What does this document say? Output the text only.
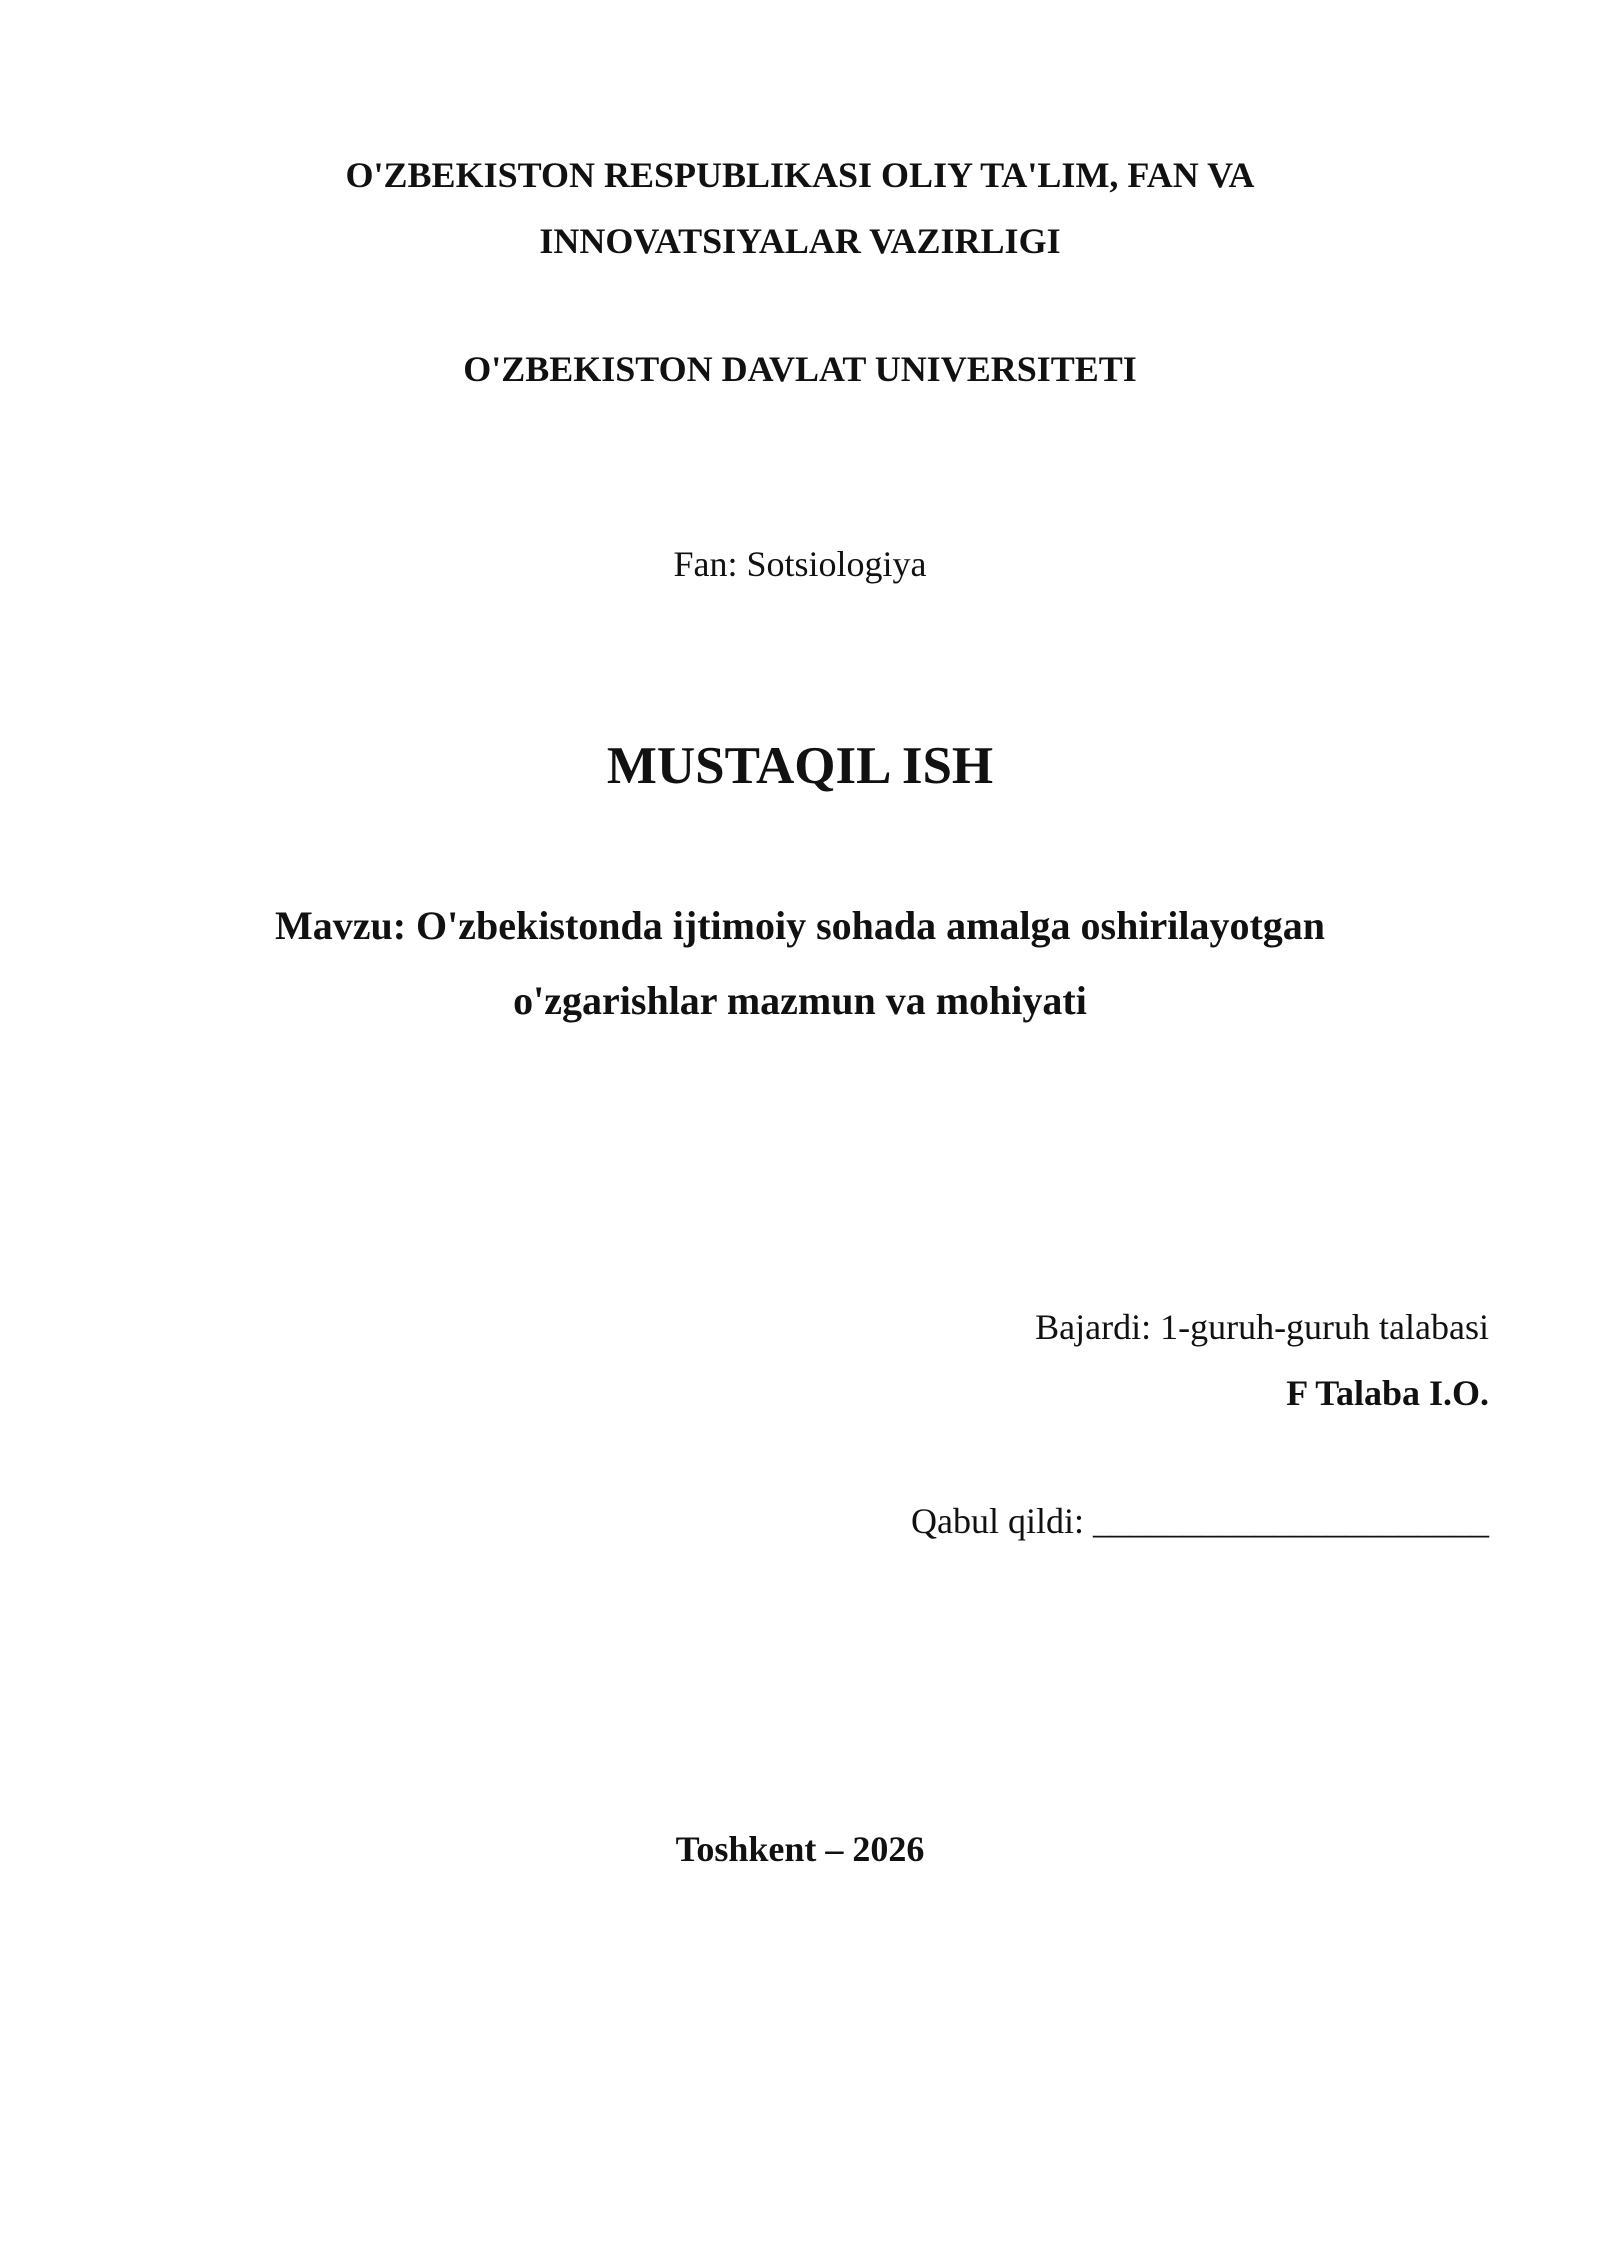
O'ZBEKISTON RESPUBLIKASI OLIY TA'LIM, FAN VA
INNOVATSIYALAR VAZIRLIGI
O'ZBEKISTON DAVLAT UNIVERSITETI
Fan: Sotsiologiya
MUSTAQIL ISH
Mavzu: O'zbekistonda ijtimoiy sohada amalga oshirilayotgan
o'zgarishlar mazmun va mohiyati
Bajardi: 1-guruh-guruh talabasi
F Talaba I.O.
Qabul qildi: ______________________
Toshkent – 2026
